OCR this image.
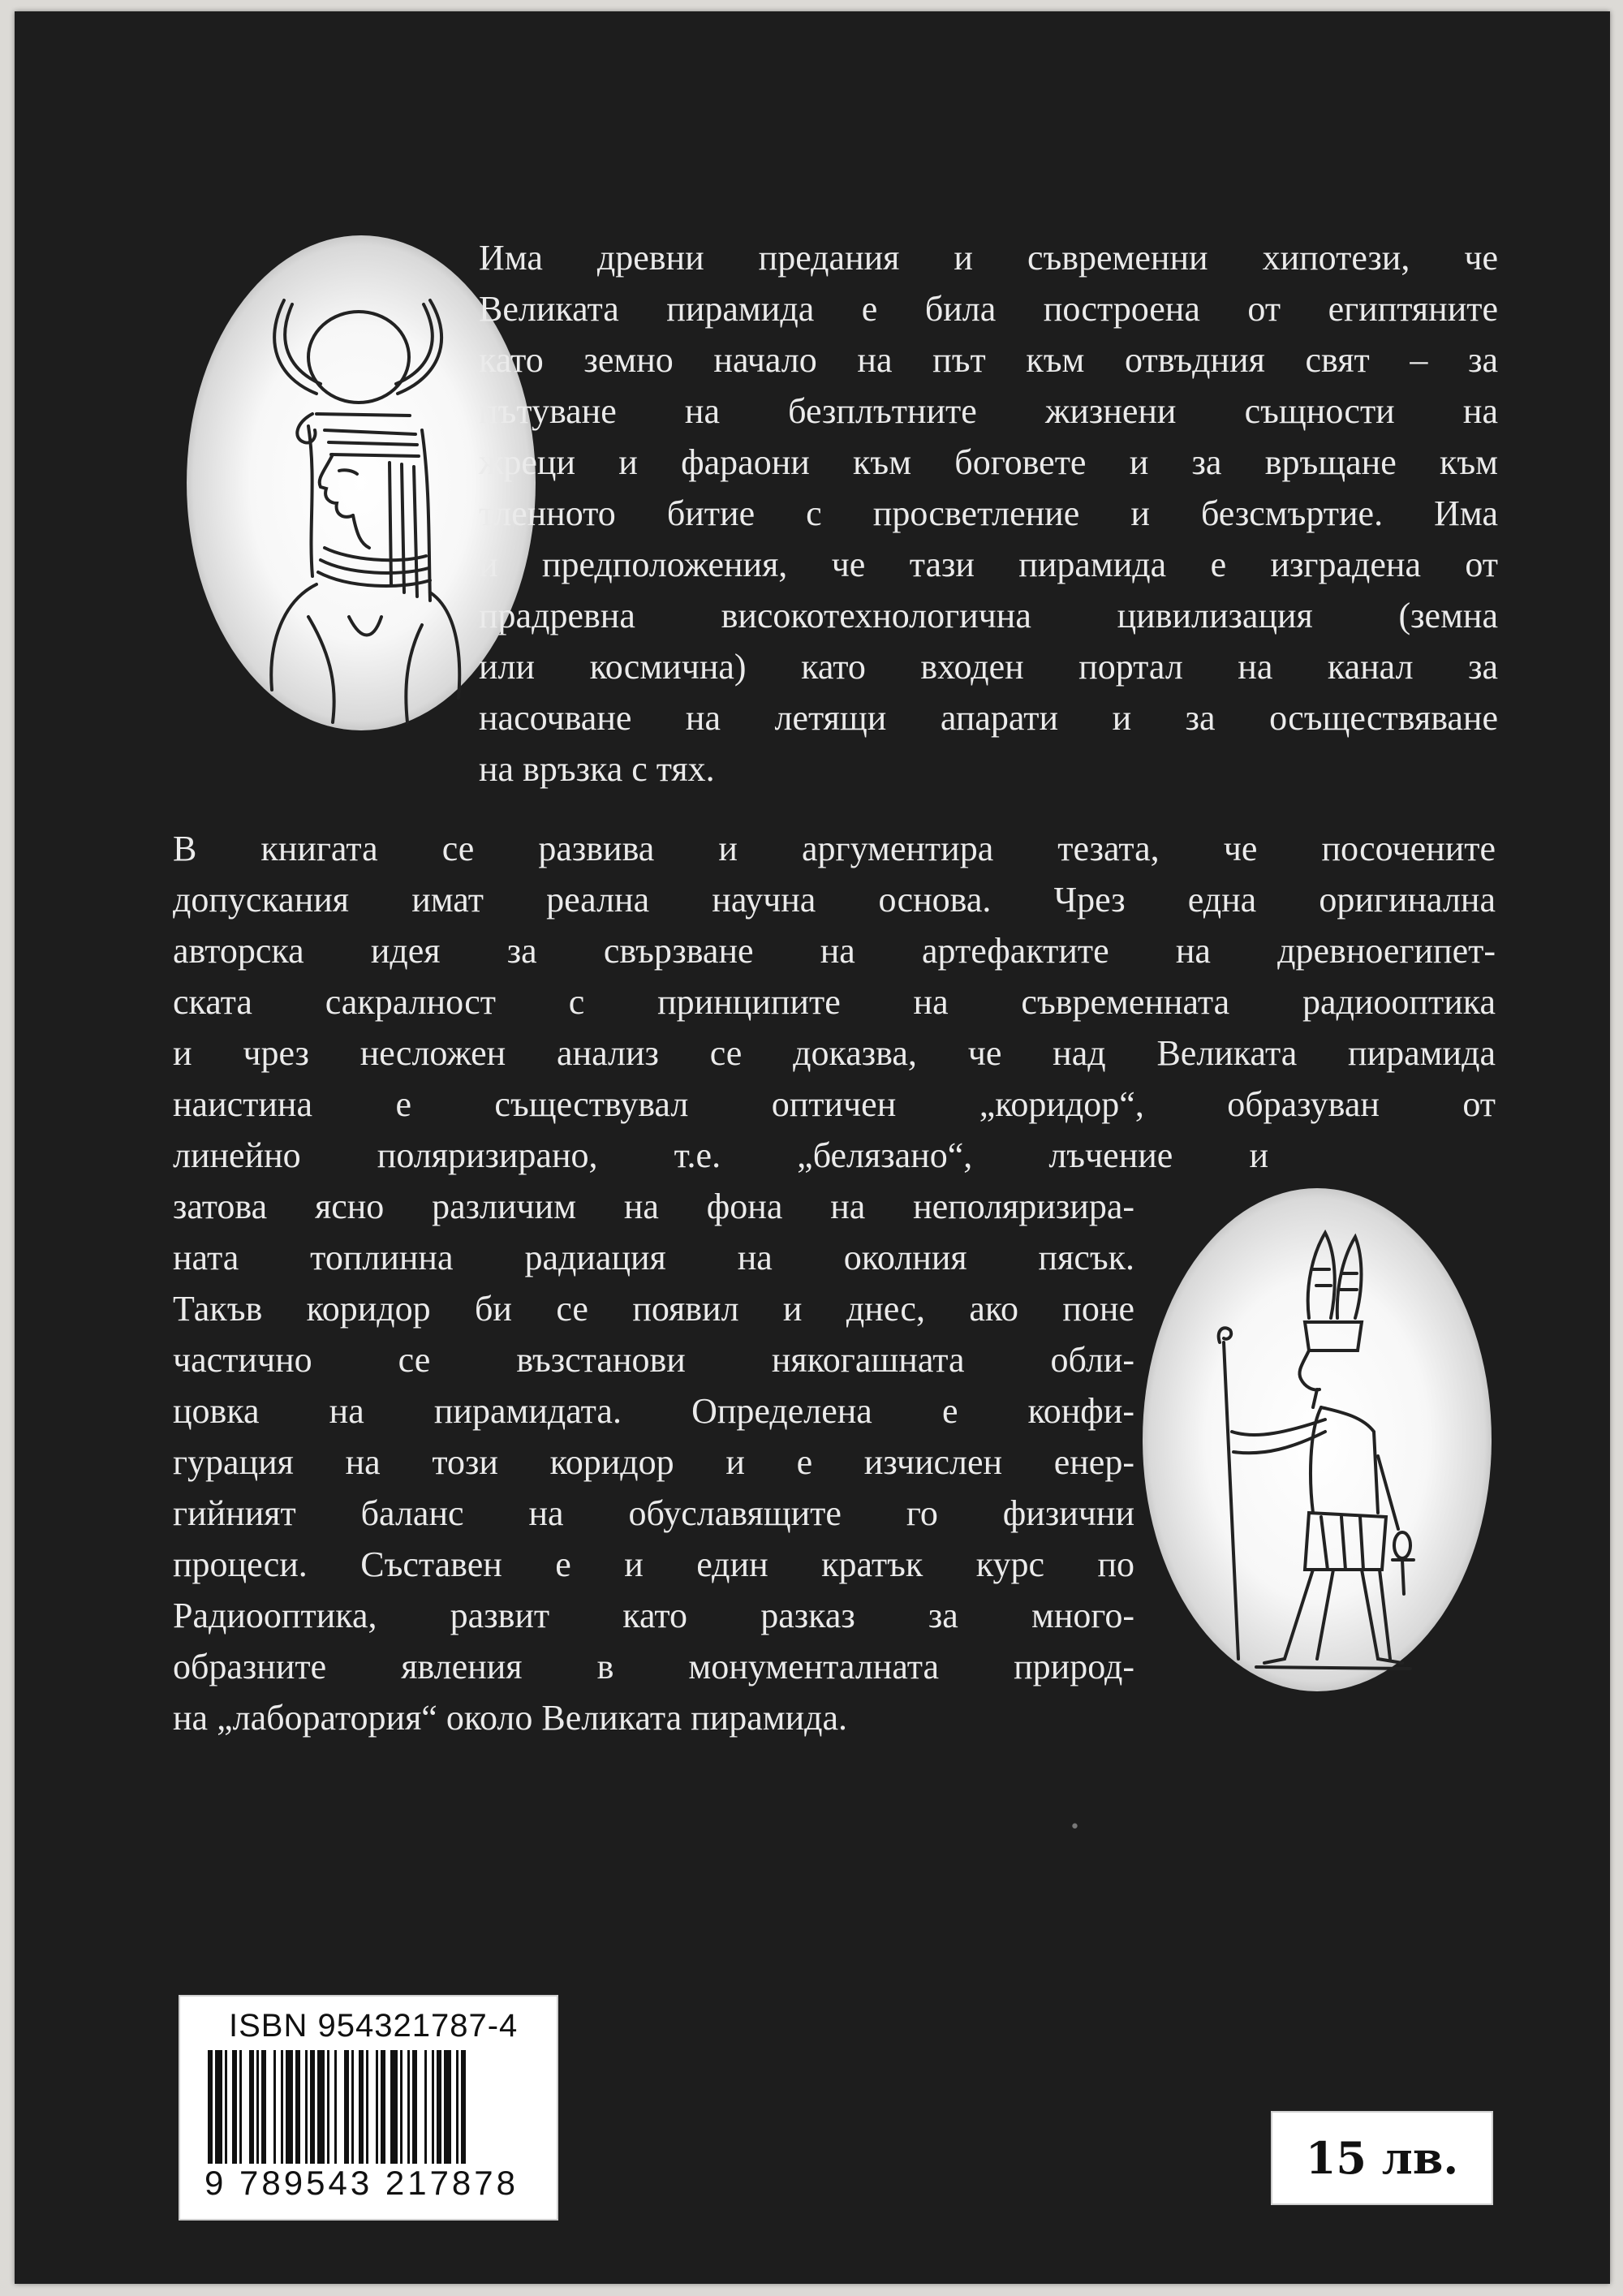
Има древни предания и съвременни хипотези, че
Великата пирамида е била построена от египтяните
като земно начало на път към отвъдния свят – за
пътуване на безплътните жизнени същности на
жреци и фараони към боговете и за връщане към
тленното битие с просветление и безсмъртие. Има
и предположения, че тази пирамида е изградена от
прадревна високотехнологична цивилизация (земна
или космична) като входен портал на канал за
насочване на летящи апарати и за осъществяване
на връзка с тях.
В книгата се развива и аргументира тезата, че посочените
допускания имат реална научна основа. Чрез една оригинална
авторска идея за свързване на артефактите на древноегипет-
ската сакралност с принципите на съвременната радиооптика
и чрез несложен анализ се доказва, че над Великата пирамида
наистина е съществувал оптичен „коридор“, образуван от
линейно поляризирано, т.е. „белязано“, лъчение и
затова ясно различим на фона на неполяризира-
ната топлинна радиация на околния пясък.
Такъв коридор би се появил и днес, ако поне
частично се възстанови някогашната обли-
цовка на пирамидата. Определена е конфи-
гурация на този коридор и е изчислен енер-
гийният баланс на обуславящите го физични
процеси. Съставен е и един кратък курс по
Радиооптика, развит като разказ за много-
образните явления в монументалната природ-
на „лаборатория“ около Великата пирамида.
•
ISBN 954321787-4
9 789543 217878	15 лв.
